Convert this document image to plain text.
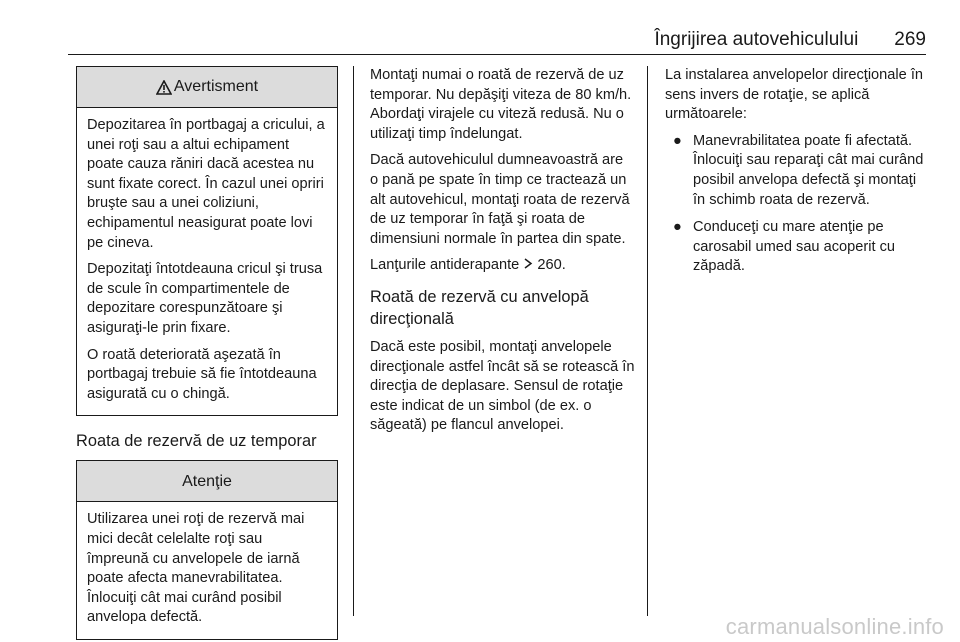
Îngrijirea autovehiculului 269
Avertisment

Depozitarea în portbagaj a cricului, a unei roţi sau a altui echipament poate cauza răniri dacă acestea nu sunt fixate corect. În cazul unei opriri bruşte sau a unei coliziuni, echipamentul neasigurat poate lovi pe cineva.

Depozitaţi întotdeauna cricul şi trusa de scule în compartimentele de depozitare corespunzătoare şi asiguraţi-le prin fixare.

O roată deteriorată aşezată în portbagaj trebuie să fie întotdeauna asigurată cu o chingă.

Roata de rezervă de uz temporar
Atenţie

Utilizarea unei roţi de rezervă mai mici decât celelalte roţi sau împreună cu anvelopele de iarnă poate afecta manevrabilitatea. Înlocuiţi cât mai curând posibil anvelopa defectă.

Montaţi numai o roată de rezervă de uz temporar. Nu depăşiţi viteza de 80 km/h. Abordaţi virajele cu viteză redusă. Nu o utilizaţi timp îndelungat.

Dacă autovehiculul dumneavoastră are o pană pe spate în timp ce tractează un alt autovehicul, montaţi roata de rezervă de uz temporar în faţă şi roata de dimensiuni normale în partea din spate.

Lanţurile antiderapante 260.

Roată de rezervă cu anvelopă direcţională

Dacă este posibil, montaţi anvelopele direcţionale astfel încât să se rotească în direcţia de deplasare. Sensul de rotaţie este indicat de un simbol (de ex. o săgeată) pe flancul anvelopei.

La instalarea anvelopelor direcţionale în sens invers de rotaţie, se aplică următoarele:

● Manevrabilitatea poate fi afectată. Înlocuiţi sau reparaţi cât mai curând posibil anvelopa defectă şi montaţi în schimb roata de rezervă.
● Conduceţi cu mare atenţie pe carosabil umed sau acoperit cu zăpadă.
carmanualsonline.info
